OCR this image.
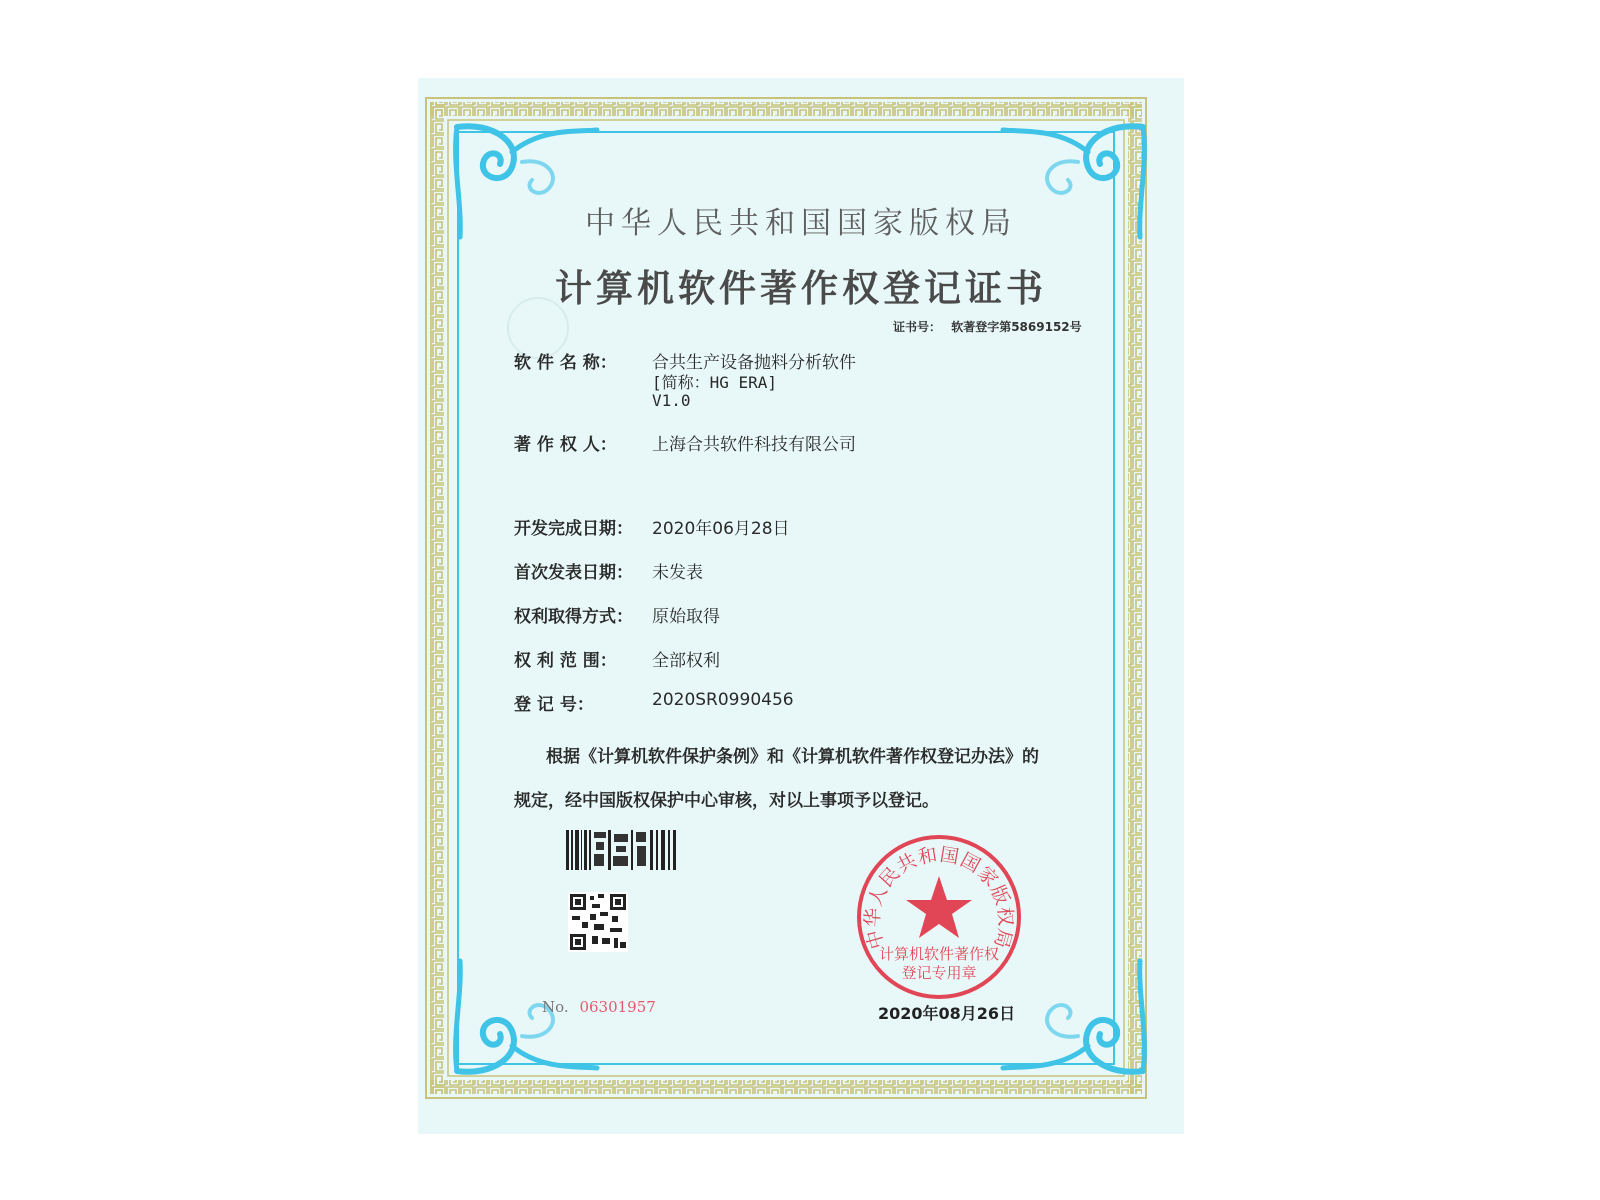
中华人民共和国国家版权局
计算机软件著作权登记证书
证书号： 软著登字第5869152号
软 件 名 称： 合共生产设备抛料分析软件
[简称：HG ERA]
V1.0
著 作 权 人： 上海合共软件科技有限公司
开发完成日期： 2020年06月28日
首次发表日期： 未发表
权利取得方式： 原始取得
权 利 范 围： 全部权利
登 记 号：	2020SR0990456
根据《计算机软件保护条例》和《计算机软件著作权登记办法》的
规定，经中国版权保护中心审核，对以上事项予以登记。
No. 06301957
中华人民共和国国家版权局
计算机软件著作权
登记专用章
2020年08月26日
